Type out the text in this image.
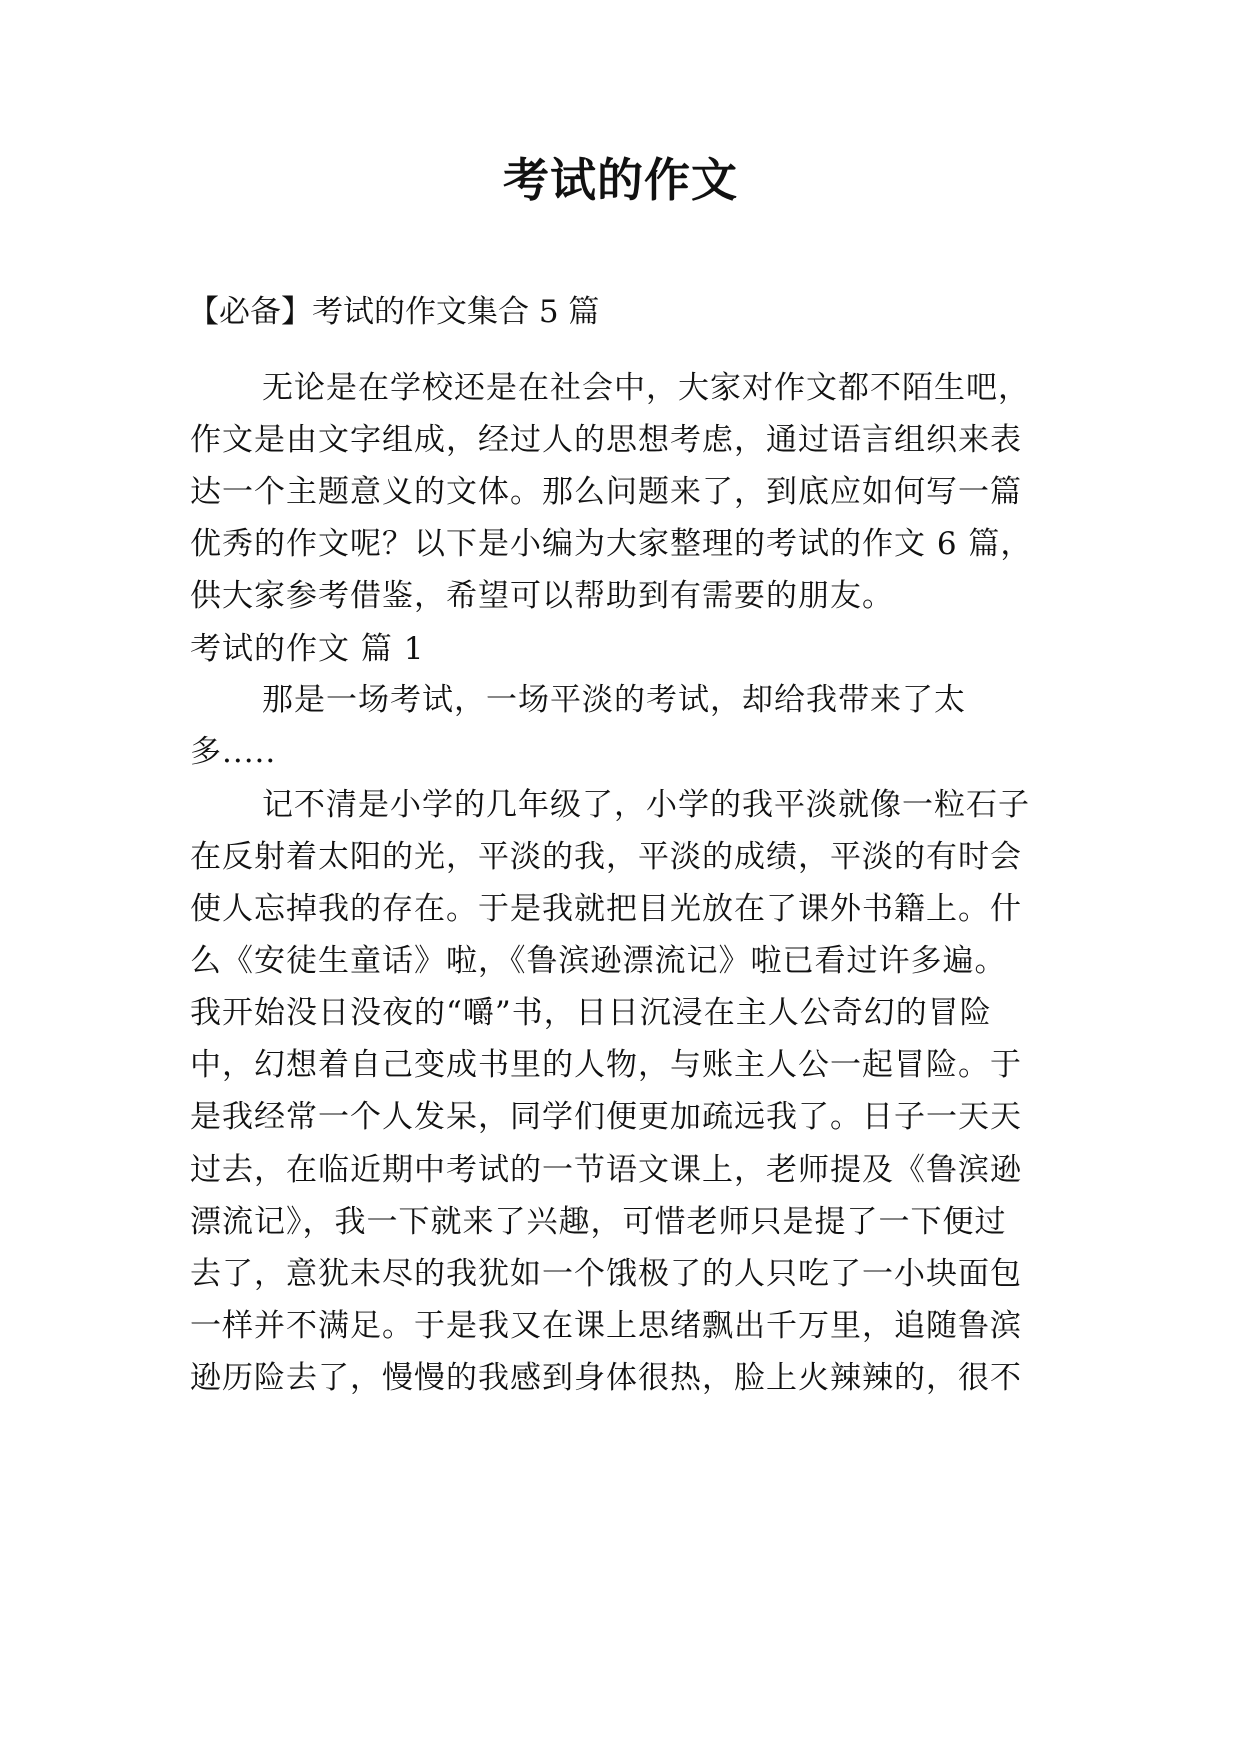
考试的作文
【必备】考试的作文集合 5 篇
无论是在学校还是在社会中，大家对作文都不陌生吧，
作文是由文字组成，经过人的思想考虑，通过语言组织来表
达一个主题意义的文体。那么问题来了，到底应如何写一篇
优秀的作文呢？以下是小编为大家整理的考试的作文 6 篇，
供大家参考借鉴，希望可以帮助到有需要的朋友。
考试的作文 篇 1
那是一场考试，一场平淡的考试，却给我带来了太
多.....
记不清是小学的几年级了，小学的我平淡就像一粒石子
在反射着太阳的光，平淡的我，平淡的成绩，平淡的有时会
使人忘掉我的存在。于是我就把目光放在了课外书籍上。什
么《安徒生童话》啦，《鲁滨逊漂流记》啦已看过许多遍。
我开始没日没夜的“嚼”书，日日沉浸在主人公奇幻的冒险
中，幻想着自己变成书里的人物，与账主人公一起冒险。于
是我经常一个人发呆，同学们便更加疏远我了。日子一天天
过去，在临近期中考试的一节语文课上，老师提及《鲁滨逊
漂流记》，我一下就来了兴趣，可惜老师只是提了一下便过
去了，意犹未尽的我犹如一个饿极了的人只吃了一小块面包
一样并不满足。于是我又在课上思绪飘出千万里，追随鲁滨
逊历险去了，慢慢的我感到身体很热，脸上火辣辣的，很不
